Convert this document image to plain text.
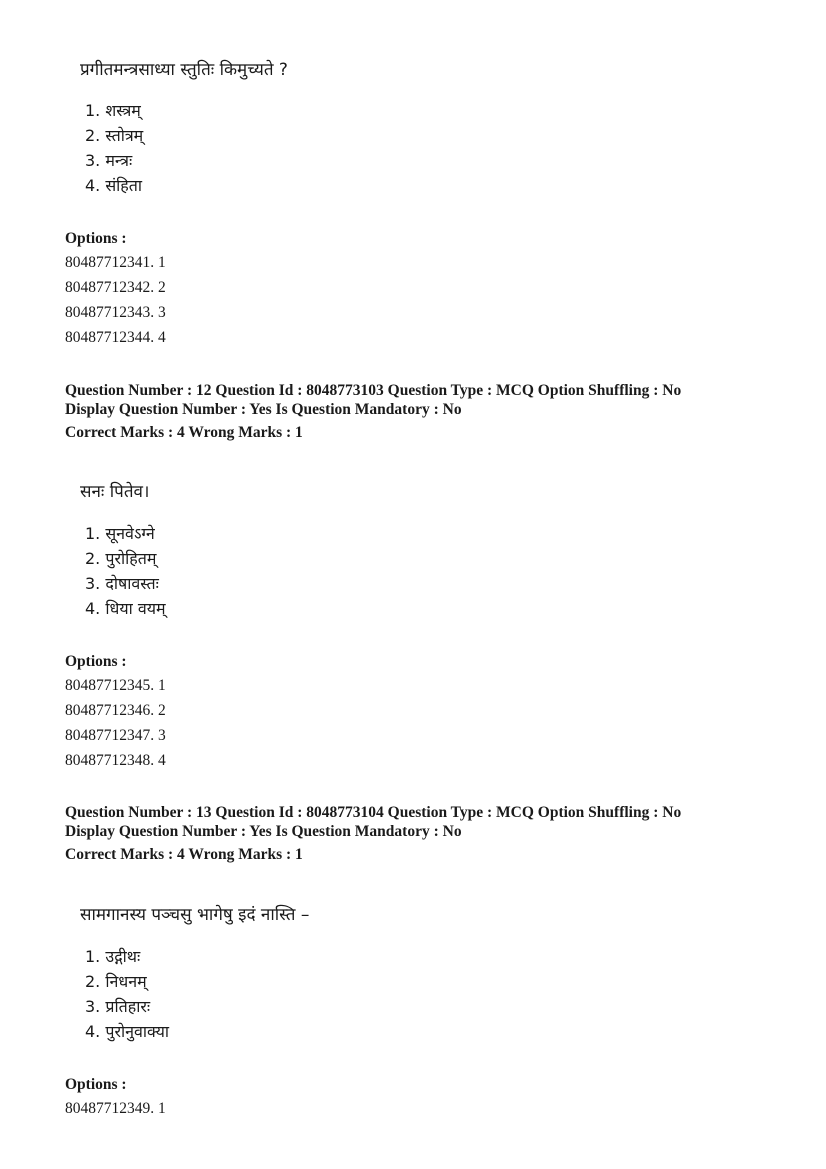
प्रगीतमन्त्रसाध्या स्तुतिः किमुच्यते ?
1. शस्त्रम्
2. स्तोत्रम्
3. मन्त्रः
4. संहिता
Options :
80487712341. 1
80487712342. 2
80487712343. 3
80487712344. 4
Question Number : 12 Question Id : 8048773103 Question Type : MCQ Option Shuffling : No
Display Question Number : Yes Is Question Mandatory : No
Correct Marks : 4 Wrong Marks : 1
सनः पितेव।
1. सूनवेऽग्ने
2. पुरोहितम्
3. दोषावस्तः
4. धिया वयम्
Options :
80487712345. 1
80487712346. 2
80487712347. 3
80487712348. 4
Question Number : 13 Question Id : 8048773104 Question Type : MCQ Option Shuffling : No
Display Question Number : Yes Is Question Mandatory : No
Correct Marks : 4 Wrong Marks : 1
सामगानस्य पञ्चसु भागेषु इदं नास्ति –
1. उद्गीथः
2. निधनम्
3. प्रतिहारः
4. पुरोनुवाक्या
Options :
80487712349. 1
